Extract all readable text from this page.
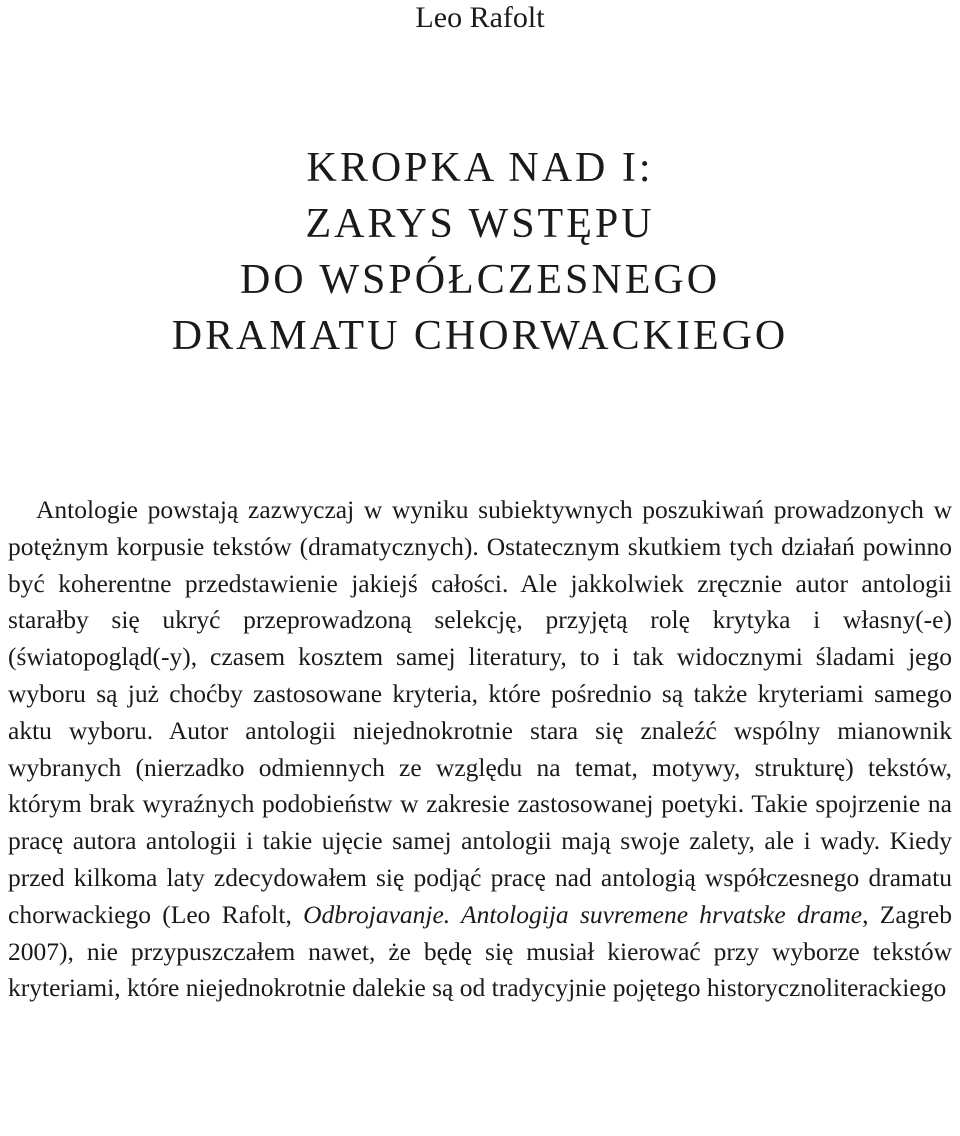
Leo Rafolt
KROPKA NAD I:
ZARYS WSTĘPU
DO WSPÓŁCZESNEGO
DRAMATU CHORWACKIEGO

Antologie powstają zazwyczaj w wyniku subiektywnych poszukiwań prowadzonych w potężnym korpusie tekstów (dramatycznych). Ostatecznym skutkiem tych działań powinno być koherentne przedstawienie jakiejś całości. Ale jakkolwiek zręcznie autor antologii starałby się ukryć przeprowadzoną selekcję, przyjętą rolę krytyka i własny(-e) (światopogląd(-y), czasem kosztem samej literatury, to i tak widocznymi śladami jego wyboru są już choćby zastosowane kryteria, które pośrednio są także kryteriami samego aktu wyboru. Autor antologii niejednokrotnie stara się znaleźć wspólny mianownik wybranych (nierzadko odmiennych ze względu na temat, motywy, strukturę) tekstów, którym brak wyraźnych podobieństw w zakresie zastosowanej poetyki. Takie spojrzenie na pracę autora antologii i takie ujęcie samej antologii mają swoje zalety, ale i wady. Kiedy przed kilkoma laty zdecydowałem się podjąć pracę nad antologią współczesnego dramatu chorwackiego (Leo Rafolt, Odbrojavanje. Antologija suvremene hrvatske drame, Zagreb 2007), nie przypuszczałem nawet, że będę się musiał kierować przy wyborze tekstów kryteriami, które niejednokrotnie dalekie są od tradycyjnie pojętego historycznoliterackiego
